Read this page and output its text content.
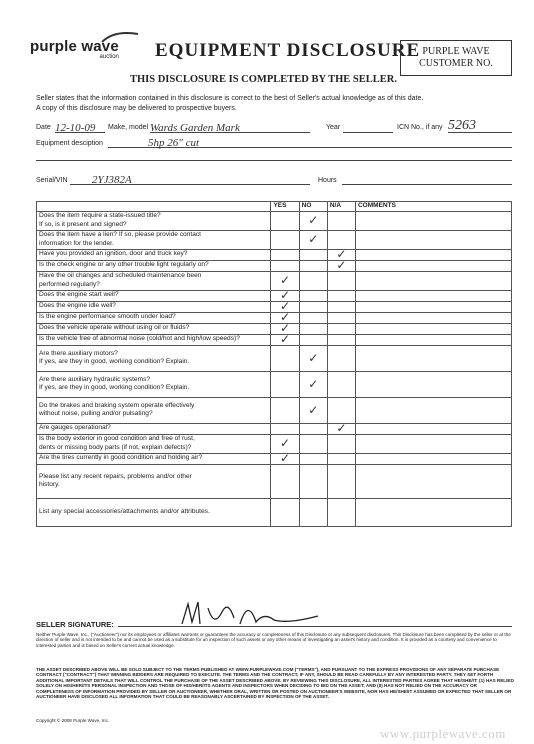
purple wave
auction EQUIPMENT DISCLOSURE
THIS DISCLOSURE IS COMPLETED BY THE SELLER.
PURPLE WAVE
CUSTOMER NO.
Seller states that the information contained in this disclosure is correct to the best of Seller's actual knowledge as of this date.
A copy of this disclosure may be delivered to prospective buyers.
Date 12-10-09	Make, model Wards Garden Mark	Year	ICN No., if any 5263
Equipment desciption	5hp 26" cut
Serial/VIN	2YJ382A	Hours
	YES	NO	N/A	COMMENTS
Does the item require a state-issued title?
If so, is it present and signed?		✓		
Does the item have a lien? If so, please provide contact
information for the lender.		✓		
Have you provided an ignition, door and truck key?			✓	
Is the check engine or any other trouble light regularly on?			✓	
Have the oil changes and scheduled maintenance been
performed regularly?	✓			
Does the engine start well?	✓			
Does the engine idle well?	✓			
Is the engine performance smooth under load?	✓			
Does the vehicle operate without using oil or fluids?	✓			
Is the vehicle free of abnormal noise (cold/hot and high/low speeds)?	✓			
Are there auxiliary motors?
If yes, are they in good, working condition? Explain.		✓		
Are there auxiliary hydraulic systems?
If yes, are they in good, working condition? Explain.		✓		
Do the brakes and braking system operate effectively
without noise, pulling and/or pulsating?		✓		
Are gauges operational?			✓	
Is the body exterior in good condition and free of rust,
dents or missing body parts (if not, explain defects)?	✓			
Are the tires currently in good condition and holding air?	✓			
Please list any recent repairs, problems and/or other
history.				
List any special accessories/attachments and/or attributes.				
SELLER SIGNATURE:
Neither Purple Wave, Inc., ("Auctioneer") nor its employees or affiliates warrants or guarantees the accuracy or completeness of this Disclosure or any subsequent disclosures. This Disclosure has been completed by the seller or at the direction of seller and is not intended to be and cannot be used as a substitute for an inspection of such assets or any other means of investigating an asset's history and condition. It is provided as a courtesy and convenience to interested parties and is based on Seller's current actual knowledge.
THE ASSET DESCRIBED ABOVE WILL BE SOLD SUBJECT TO THE TERMS PUBLISHED AT WWW.PURPLEWAVE.COM ("TERMS"), AND PURSUANT TO THE EXPRESS PROVISIONS OF ANY SEPARATE PURCHASE CONTRACT ("CONTRACT") THAT WINNING BIDDERS ARE REQUIRED TO EXECUTE. THE TERMS AND THE CONTRACT, IF ANY, SHOULD BE READ CAREFULLY BY ANY INTERESTED PARTY. THEY SET FORTH ADDITIONAL IMPORTANT DETAILS THAT WILL CONTROL THE PURCHASE OF THE ASSET DESCRIBED ABOVE. BY REVIEWING THIS DISCLOSURE, ALL INTERESTED PARTIES AGREE THAT HE/SHE/IT: (1) HAS RELIED SOLELY ON HIS/HER/ITS PERSONAL INSPECTION AND THOSE OF HIS/HER/ITS AGENTS AND INSPECTORS WHEN DECIDING TO BID ON THE ASSET; AND (II) HAS NOT RELIED ON THE ACCURACY OR COMPLETENESS OF INFORMATION PROVIDED BY SELLER OR AUCTIONEER, WHETHER ORAL, WRITTEN OR POSTED ON AUCTIONEER'S WEBSITE, NOR HAS HE/SHE/IT ASSUMED OR EXPECTED THAT SELLER OR AUCTIONEER HAVE DISCLOSED ALL INFORMATION THAT COULD BE REASONABLY ASCERTAINED BY INSPECTION OF THE ASSET.
Copyright © 2008 Purple Wave, Inc.
www.purplewave.com
